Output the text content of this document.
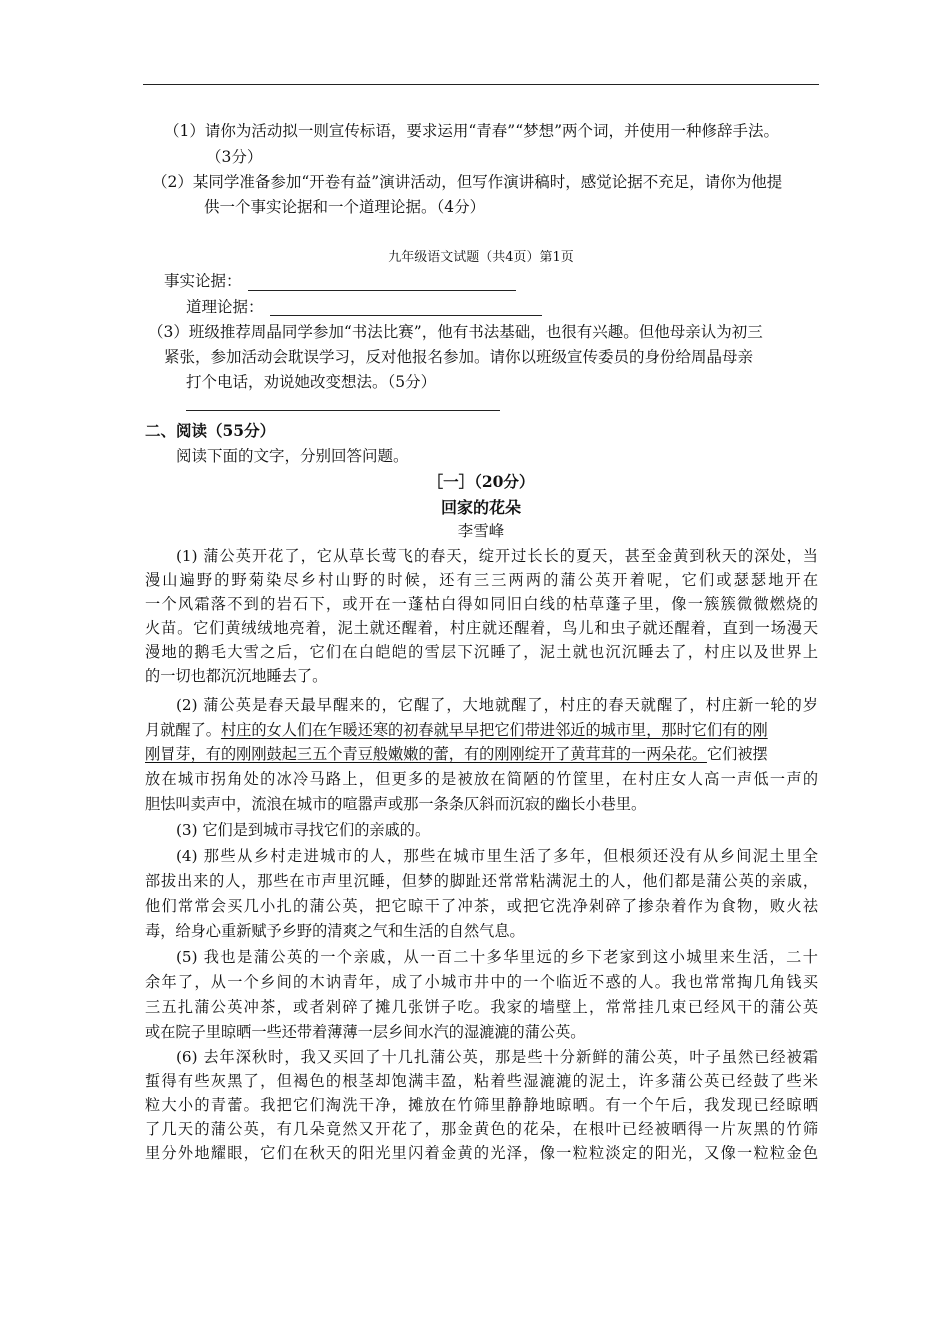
（1）请你为活动拟一则宣传标语，要求运用“青春”“梦想”两个词，并使用一种修辞手法。
（3分）
（2）某同学准备参加“开卷有益”演讲活动，但写作演讲稿时，感觉论据不充足，请你为他提
供一个事实论据和一个道理论据。（4分）
九年级语文试题（共4页）第1页
事实论据：
道理论据：
（3）班级推荐周晶同学参加“书法比赛”，他有书法基础，也很有兴趣。但他母亲认为初三
紧张，参加活动会耽误学习，反对他报名参加。请你以班级宣传委员的身份给周晶母亲
打个电话，劝说她改变想法。（5分）
二、阅读（55分）
阅读下面的文字，分别回答问题。
［一］（20分）
回家的花朵
李雪峰
(1) 蒲公英开花了，它从草长莺飞的春天，绽开过长长的夏天，甚至金黄到秋天的深处，当
漫山遍野的野菊染尽乡村山野的时候，还有三三两两的蒲公英开着呢，它们或瑟瑟地开在
一个风霜落不到的岩石下，或开在一蓬枯白得如同旧白线的枯草蓬子里，像一簇簇微微燃烧的
火苗。它们黄绒绒地亮着，泥土就还醒着，村庄就还醒着，鸟儿和虫子就还醒着，直到一场漫天
漫地的鹅毛大雪之后，它们在白皑皑的雪层下沉睡了，泥土就也沉沉睡去了，村庄以及世界上
的一切也都沉沉地睡去了。
(2) 蒲公英是春天最早醒来的，它醒了，大地就醒了，村庄的春天就醒了，村庄新一轮的岁
月就醒了。村庄的女人们在乍暖还寒的初春就早早把它们带进邻近的城市里，那时它们有的刚
刚冒芽，有的刚刚鼓起三五个青豆般嫩嫩的蕾，有的刚刚绽开了黄茸茸的一两朵花。它们被摆
放在城市拐角处的冰冷马路上，但更多的是被放在简陋的竹筐里，在村庄女人高一声低一声的
胆怯叫卖声中，流浪在城市的喧嚣声或那一条条仄斜而沉寂的幽长小巷里。
(3) 它们是到城市寻找它们的亲戚的。
(4) 那些从乡村走进城市的人，那些在城市里生活了多年，但根须还没有从乡间泥土里全
部拔出来的人，那些在市声里沉睡，但梦的脚趾还常常粘满泥土的人，他们都是蒲公英的亲戚，
他们常常会买几小扎的蒲公英，把它晾干了冲茶，或把它洗净剁碎了掺杂着作为食物，败火祛
毒，给身心重新赋予乡野的清爽之气和生活的自然气息。
(5) 我也是蒲公英的一个亲戚，从一百二十多华里远的乡下老家到这小城里来生活，二十
余年了，从一个乡间的木讷青年，成了小城市井中的一个临近不惑的人。我也常常掏几角钱买
三五扎蒲公英冲茶，或者剁碎了摊几张饼子吃。我家的墙壁上，常常挂几束已经风干的蒲公英
或在院子里晾晒一些还带着薄薄一层乡间水汽的湿漉漉的蒲公英。
(6) 去年深秋时，我又买回了十几扎蒲公英，那是些十分新鲜的蒲公英，叶子虽然已经被霜
蜇得有些灰黑了，但褐色的根茎却饱满丰盈，粘着些湿漉漉的泥土，许多蒲公英已经鼓了些米
粒大小的青蕾。我把它们淘洗干净，摊放在竹筛里静静地晾晒。有一个午后，我发现已经晾晒
了几天的蒲公英，有几朵竟然又开花了，那金黄色的花朵，在根叶已经被晒得一片灰黑的竹筛
里分外地耀眼，它们在秋天的阳光里闪着金黄的光泽，像一粒粒淡定的阳光，又像一粒粒金色
